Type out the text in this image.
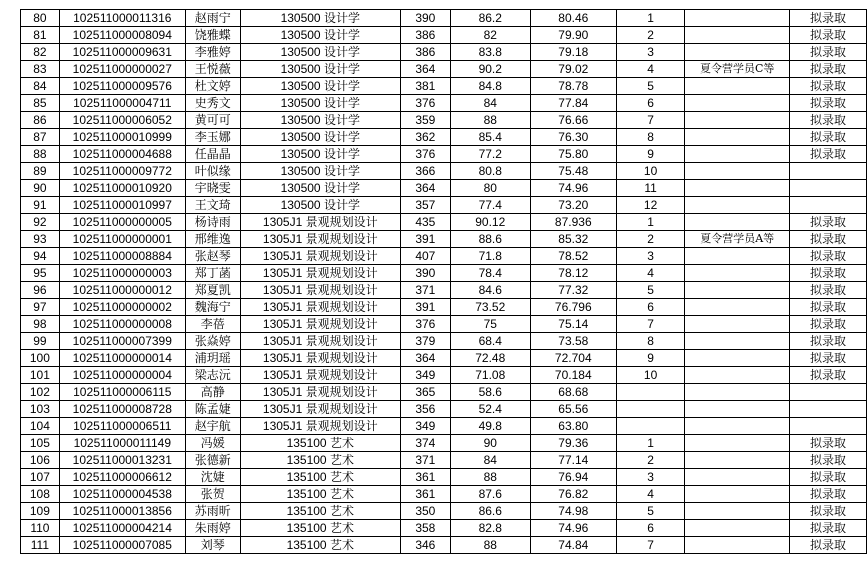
80	102511000011316	赵雨宁	130500 设计学	390	86.2	80.46	1		拟录取
81	102511000008094	饶雅蝶	130500 设计学	386	82	79.90	2		拟录取
82	102511000009631	李雅婷	130500 设计学	386	83.8	79.18	3		拟录取
83	102511000000027	王悦薇	130500 设计学	364	90.2	79.02	4	夏令营学员C等	拟录取
84	102511000009576	杜文婷	130500 设计学	381	84.8	78.78	5		拟录取
85	102511000004711	史秀文	130500 设计学	376	84	77.84	6		拟录取
86	102511000006052	黄可可	130500 设计学	359	88	76.66	7		拟录取
87	102511000010999	李玉娜	130500 设计学	362	85.4	76.30	8		拟录取
88	102511000004688	任晶晶	130500 设计学	376	77.2	75.80	9		拟录取
89	102511000009772	叶似缘	130500 设计学	366	80.8	75.48	10		
90	102511000010920	宇晓雯	130500 设计学	364	80	74.96	11		
91	102511000010997	王文琦	130500 设计学	357	77.4	73.20	12		
92	102511000000005	杨诗雨	1305J1 景观规划设计	435	90.12	87.936	1		拟录取
93	102511000000001	邢维逸	1305J1 景观规划设计	391	88.6	85.32	2	夏令营学员A等	拟录取
94	102511000008884	张赵琴	1305J1 景观规划设计	407	71.8	78.52	3		拟录取
95	102511000000003	郑丁菡	1305J1 景观规划设计	390	78.4	78.12	4		拟录取
96	102511000000012	郑夏凯	1305J1 景观规划设计	371	84.6	77.32	5		拟录取
97	102511000000002	魏海宁	1305J1 景观规划设计	391	73.52	76.796	6		拟录取
98	102511000000008	李蓓	1305J1 景观规划设计	376	75	75.14	7		拟录取
99	102511000007399	张焱婷	1305J1 景观规划设计	379	68.4	73.58	8		拟录取
100	102511000000014	浦玥瑶	1305J1 景观规划设计	364	72.48	72.704	9		拟录取
101	102511000000004	梁志沅	1305J1 景观规划设计	349	71.08	70.184	10		拟录取
102	102511000006115	高静	1305J1 景观规划设计	365	58.6	68.68			
103	102511000008728	陈孟婕	1305J1 景观规划设计	356	52.4	65.56			
104	102511000006511	赵宇航	1305J1 景观规划设计	349	49.8	63.80			
105	102511000011149	冯媛	135100 艺术	374	90	79.36	1		拟录取
106	102511000013231	张德新	135100 艺术	371	84	77.14	2		拟录取
107	102511000006612	沈婕	135100 艺术	361	88	76.94	3		拟录取
108	102511000004538	张贺	135100 艺术	361	87.6	76.82	4		拟录取
109	102511000013856	苏雨昕	135100 艺术	350	86.6	74.98	5		拟录取
110	102511000004214	朱雨婷	135100 艺术	358	82.8	74.96	6		拟录取
111	102511000007085	刘琴	135100 艺术	346	88	74.84	7		拟录取
